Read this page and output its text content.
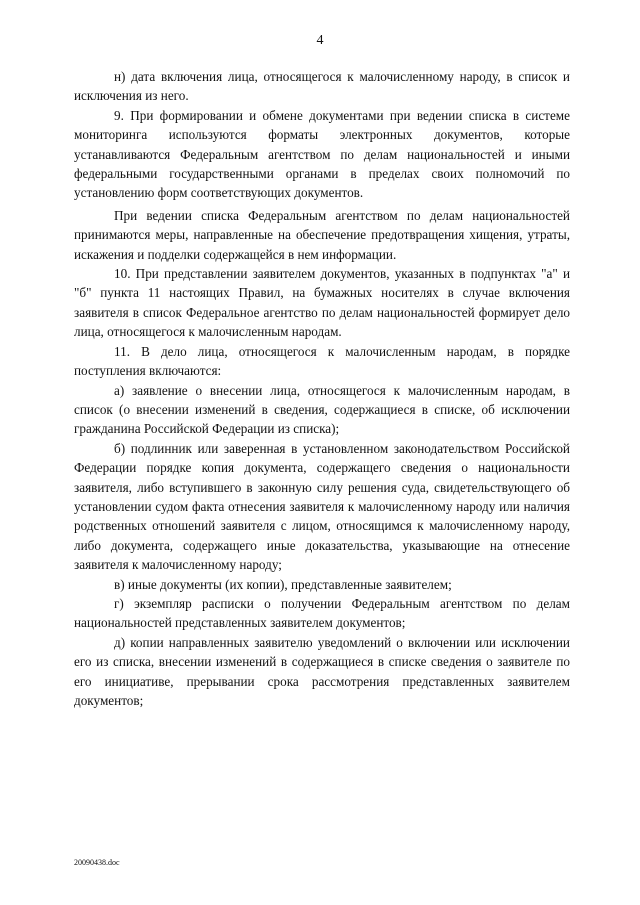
4

н) дата включения лица, относящегося к малочисленному народу, в список и исключения из него.

9. При формировании и обмене документами при ведении списка в системе мониторинга используются форматы электронных документов, которые устанавливаются Федеральным агентством по делам национальностей и иными федеральными государственными органами в пределах своих полномочий по установлению форм соответствующих документов.

При ведении списка Федеральным агентством по делам национальностей принимаются меры, направленные на обеспечение предотвращения хищения, утраты, искажения и подделки содержащейся в нем информации.

10. При представлении заявителем документов, указанных в подпунктах "а" и "б" пункта 11 настоящих Правил, на бумажных носителях в случае включения заявителя в список Федеральное агентство по делам национальностей формирует дело лица, относящегося к малочисленным народам.

11. В дело лица, относящегося к малочисленным народам, в порядке поступления включаются:

а) заявление о внесении лица, относящегося к малочисленным народам, в список (о внесении изменений в сведения, содержащиеся в списке, об исключении гражданина Российской Федерации из списка);

б) подлинник или заверенная в установленном законодательством Российской Федерации порядке копия документа, содержащего сведения о национальности заявителя, либо вступившего в законную силу решения суда, свидетельствующего об установлении судом факта отнесения заявителя к малочисленному народу или наличия родственных отношений заявителя с лицом, относящимся к малочисленному народу, либо документа, содержащего иные доказательства, указывающие на отнесение заявителя к малочисленному народу;

в) иные документы (их копии), представленные заявителем;

г) экземпляр расписки о получении Федеральным агентством по делам национальностей представленных заявителем документов;

д) копии направленных заявителю уведомлений о включении или исключении его из списка, внесении изменений в содержащиеся в списке сведения о заявителе по его инициативе, прерывании срока рассмотрения представленных заявителем документов;

20090438.doc
